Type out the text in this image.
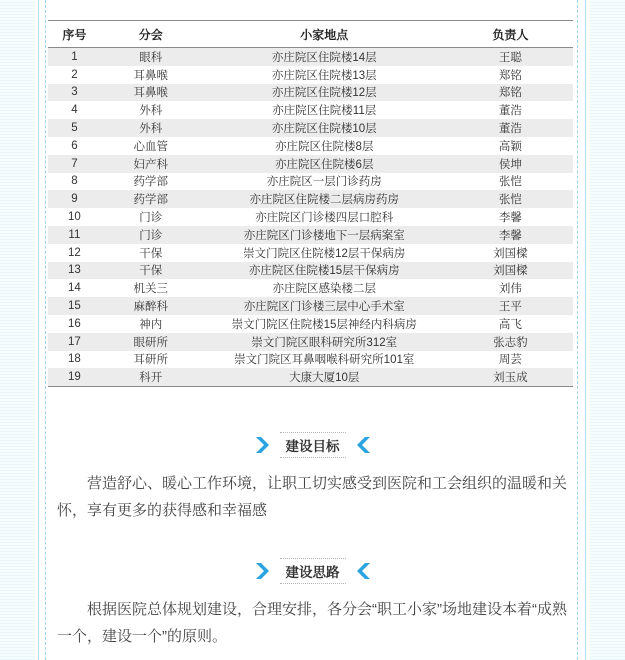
序号	分会	小家地点	负责人
1	眼科	亦庄院区住院楼14层	王聪
2	耳鼻喉	亦庄院区住院楼13层	郑铭
3	耳鼻喉	亦庄院区住院楼12层	郑铭
4	外科	亦庄院区住院楼11层	董浩
5	外科	亦庄院区住院楼10层	董浩
6	心血管	亦庄院区住院楼8层	高颖
7	妇产科	亦庄院区住院楼6层	侯坤
8	药学部	亦庄院区一层门诊药房	张恺
9	药学部	亦庄院区住院楼二层病房药房	张恺
10	门诊	亦庄院区门诊楼四层口腔科	李馨
11	门诊	亦庄院区门诊楼地下一层病案室	李馨
12	干保	崇文门院区住院楼12层干保病房	刘国樑
13	干保	亦庄院区住院楼15层干保病房	刘国樑
14	机关三	亦庄院区感染楼二层	刘伟
15	麻醉科	亦庄院区门诊楼三层中心手术室	王平
16	神内	崇文门院区住院楼15层神经内科病房	高飞
17	眼研所	崇文门院区眼科研究所312室	张志豹
18	耳研所	崇文门院区耳鼻咽喉科研究所101室	周芸
19	科开	大康大厦10层	刘玉成
建设目标
营造舒心、暖心工作环境，让职工切实感受到医院和工会组织的温暖和关怀，享有更多的获得感和幸福感
建设思路
根据医院总体规划建设，合理安排，各分会“职工小家”场地建设本着“成熟一个，建设一个”的原则。
